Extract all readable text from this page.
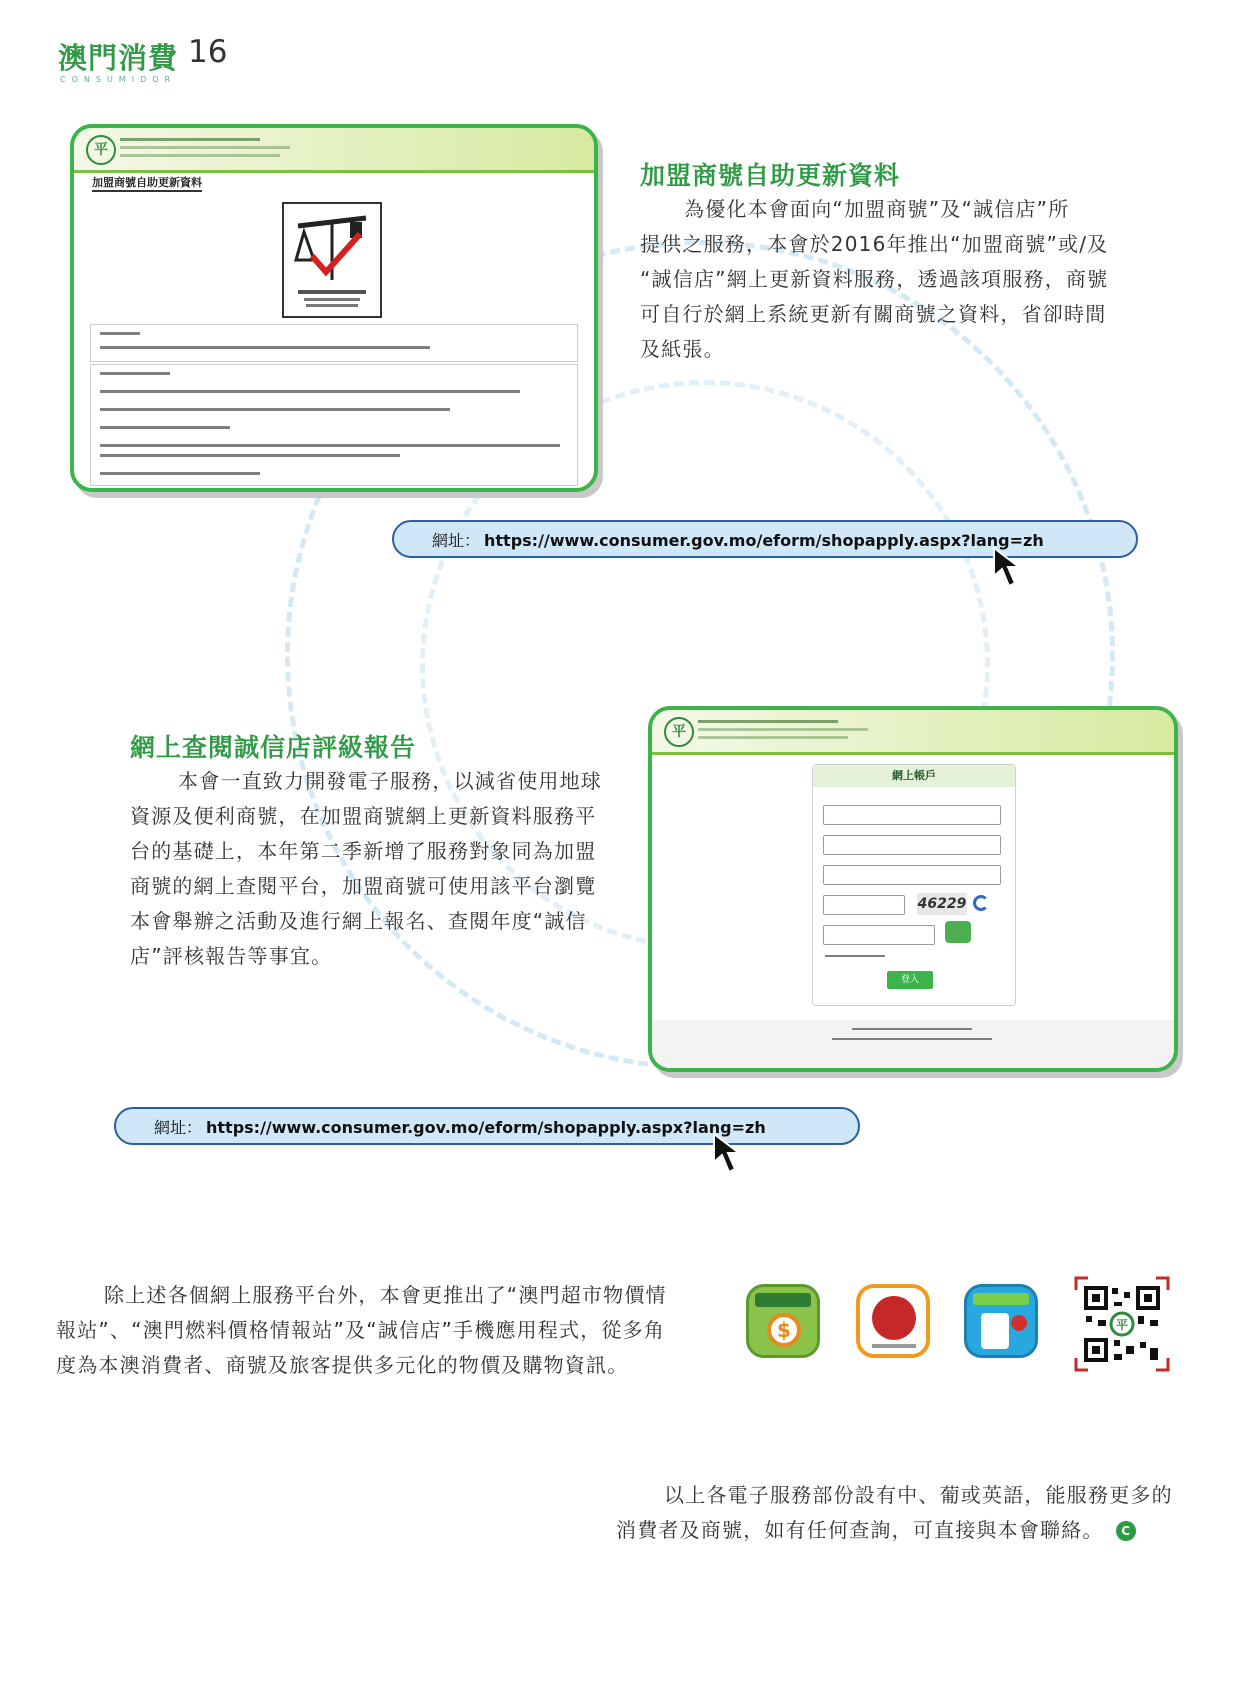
澳門消費
CONSUMIDOR
16
平
加盟商號自助更新資料	加盟商號自助更新資料

為優化本會面向“加盟商號”及“誠信店”所

提供之服務，本會於2016年推出“加盟商號”或/及

“誠信店”網上更新資料服務，透過該項服務，商號

可自行於網上系統更新有關商號之資料，省卻時間

及紙張。

網址： https://www.consumer.gov.mo/eform/shopapply.aspx?lang=zh
網上查閱誠信店評級報告

本會一直致力開發電子服務，以減省使用地球

資源及便利商號，在加盟商號網上更新資料服務平

台的基礎上，本年第二季新增了服務對象同為加盟

商號的網上查閱平台，加盟商號可使用該平台瀏覽

本會舉辦之活動及進行網上報名、查閱年度“誠信

店”評核報告等事宜。

平
網上帳戶
46229
登入
網址： https://www.consumer.gov.mo/eform/shopapply.aspx?lang=zh

除上述各個網上服務平台外，本會更推出了“澳門超市物價情

報站”、“澳門燃料價格情報站”及“誠信店”手機應用程式，從多角

度為本澳消費者、商號及旅客提供多元化的物價及購物資訊。

$	平

以上各電子服務部份設有中、葡或英語，能服務更多的

消費者及商號，如有任何查詢，可直接與本會聯絡。 C
